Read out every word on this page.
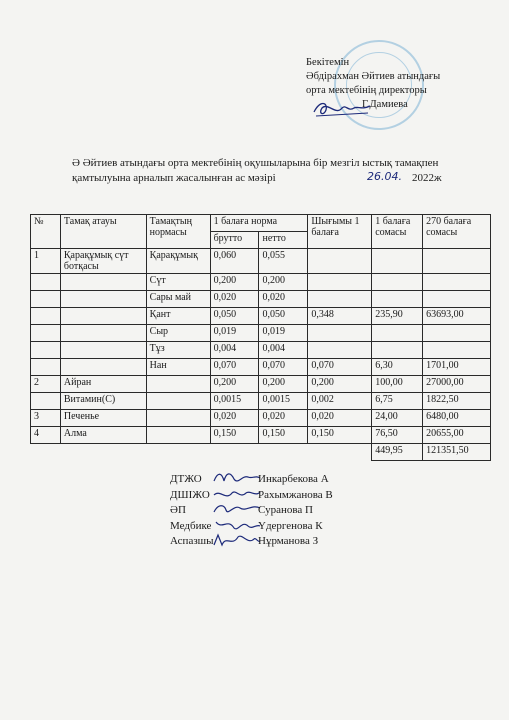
Бекітемін
Әбдірахман Әйтиев атындағы
орта мектебінің директоры
Г.Дамиева
Ә Әйтиев атындағы орта мектебінің оқушыларына бір мезгіл ыстық тамақпен
қамтылуына арналып жасалынған ас мәзірі	26.04. 2022ж
№	Тамақ атауы	Тамақтың нормасы	1 балаға норма		Шығымы 1 балаға	1 балаға сомасы	270 балаға сомасы
			брутто	нетто			
1	Қарақұмық сүт ботқасы	Қарақұмық	0,060	0,055			
		Сүт	0,200	0,200			
		Сары май	0,020	0,020			
		Қант	0,050	0,050	0,348	235,90	63693,00
		Сыр	0,019	0,019			
		Тұз	0,004	0,004			
		Нан	0,070	0,070	0,070	6,30	1701,00
2	Айран		0,200	0,200	0,200	100,00	27000,00
	Витамин(С)		0,0015	0,0015	0,002	6,75	1822,50
3	Печенье		0,020	0,020	0,020	24,00	6480,00
4	Алма		0,150	0,150	0,150	76,50	20655,00
						449,95	121351,50
ДТЖО	Инкарбекова А
ДШІЖО	Рахымжанова В
ӘП	Суранова П
Медбике	Үдергенова К
Аспазшы	Нұрманова З
